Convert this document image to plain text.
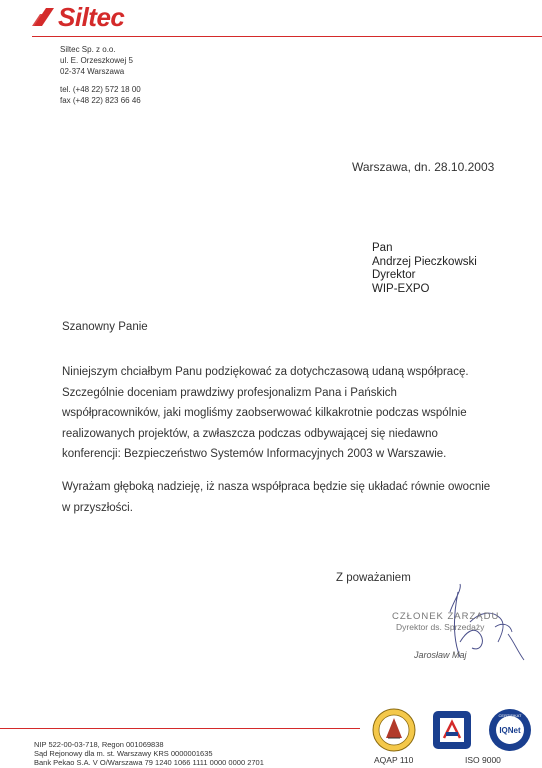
Siltec
Siltec Sp. z o.o.
ul. E. Orzeszkowej 5
02-374 Warszawa
tel. (+48 22) 572 18 00
fax (+48 22) 823 66 46
Warszawa, dn. 28.10.2003
Pan
Andrzej Pieczkowski
Dyrektor
WIP-EXPO
Szanowny Panie
Niniejszym chciałbym Panu podziękować za dotychczasową udaną współpracę.
Szczególnie doceniam prawdziwy profesjonalizm Pana i Pańskich
współpracowników, jaki mogliśmy zaobserwować kilkakrotnie podczas wspólnie
realizowanych projektów, a zwłaszcza podczas odbywającej się niedawno
konferencji: Bezpieczeństwo Systemów Informacyjnych 2003 w Warszawie.
Wyrażam głęboką nadzieję, iż nasza współpraca będzie się układać równie owocnie
w przyszłości.
Z poważaniem
CZŁONEK ZARZĄDU
Dyrektor ds. Sprzedaży
Jarosław Maj
NIP 522-00-03-718, Regon 001069838
Sąd Rejonowy dla m. st. Warszawy KRS 0000001635
Bank Pekao S.A. V O/Warszawa 79 1240 1066 1111 0000 0000 2701	AQAP 110	ISO 9000
IQNet
CERTIFIKAT
